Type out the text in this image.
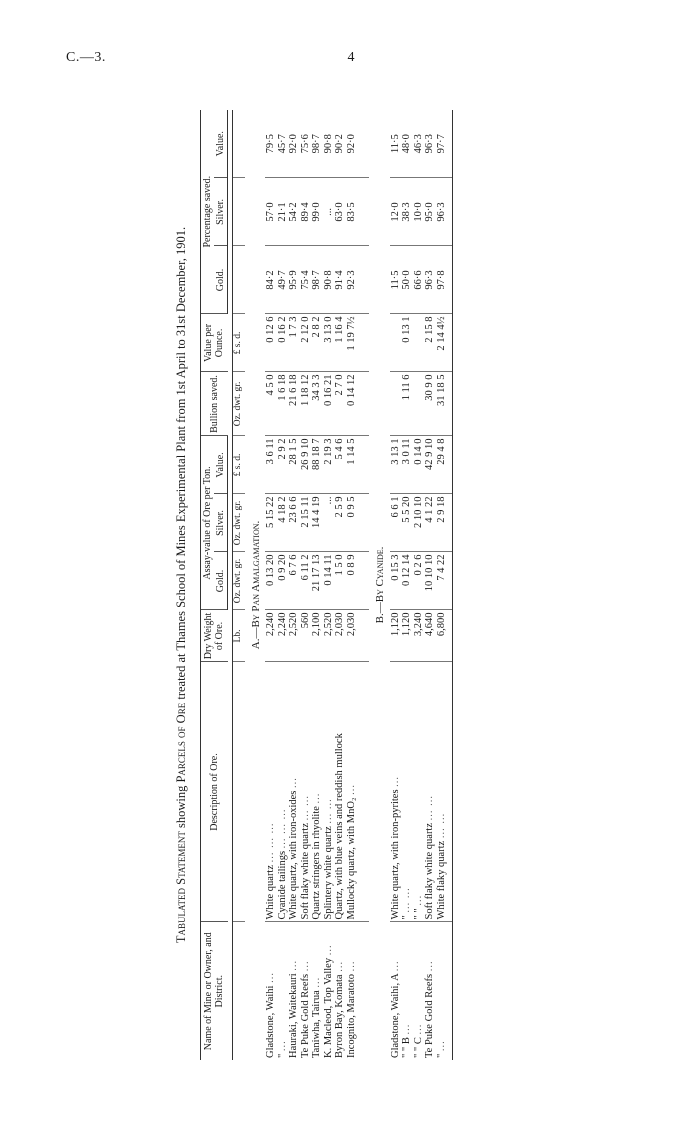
C.—3.	4
Tabulated Statement showing Parcels of Ore treated at Thames School of Mines Experimental Plant from 1st April to 31st December, 1901.
Name of Mine or Owner, and District.	Description of Ore.	Dry Weight of Ore.	Assay-value of Ore per Ton.			Bullion saved.	Value per Ounce.	Percentage saved.		
			Gold.	Silver.	Value.			Gold.	Silver.	Value.

		Lb.	Oz. dwt. gr.	Oz. dwt. gr.	£ s. d.	Oz. dwt. gr.	£ s. d.			
A.—By Pan Amalgamation.										
Gladstone, Waihi ...	White quartz ... ... ...	2,240	0 13 20	5 15 22	3 6 11	4 5 0	0 12 6	84·2	57·0	79·5
" ...	Cyanide tailings ... ... ...	2,240	0 9 20	4 18 2	2 9 2	1 6 18	0 16 2	49·7	21·1	45·7
Hauraki, Waitekauri ...	White quartz, with iron-oxides ...	2,520	6 7 6	23 6 6	28 1 5	21 6 18	1 7 3	95·9	54·2	92·0
Te Puke Gold Reefs ...	Soft flaky white quartz ... ...	560	6 11 2	2 15 11	26 9 10	1 18 12	2 12 0	75·4	89·4	75·6
Taniwha, Tairua ...	Quartz stringers in rhyolite ...	2,100	21 17 13	14 4 19	88 18 7	34 3 3	2 8 2	98·7	99·0	98·7
K. Macleod, Top Valley ...	Splintery white quartz ... ...	2,520	0 14 11	...	2 19 3	0 16 21	3 13 0	90·8	...	90·8
Byron Bay, Komata ...	Quartz, with blue veins and reddish mullock	2,030	1 5 0	2 5 9	5 4 6	2 7 0	1 16 4	91·4	63·0	90·2
Incognito, Maratoto ...	Mullocky quartz, with MnO₂ ...	2,030	0 8 9	0 9 5	1 14 5	0 14 12	1 19 7½	92·3	83·5	92·0

B.—By Cyanide.										
Gladstone, Waihi, A ...	White quartz, with iron-pyrites ...	1,120	0 15 3	6 6 1	3 13 1			11·5	12·0	11·5
" " B ...	" ... ...	1,120	0 12 14	5 5 20	3 0 11	1 11 6	0 13 1	50·0	38·3	48·0
" " C ...	" " ...	3,240	0 2 6	2 10 10	0 14 0			66·6	10·0	46·3
Te Puke Gold Reefs ...	Soft flaky white quartz ... ...	4,640	10 10 10	4 1 22	42 9 10	30 9 0	2 15 8	96·3	95·0	96·3
" ...	White flaky quartz ... ...	6,800	7 4 22	2 9 18	29 4 8	31 18 5	2 14 4½	97·8	96·3	97·7
